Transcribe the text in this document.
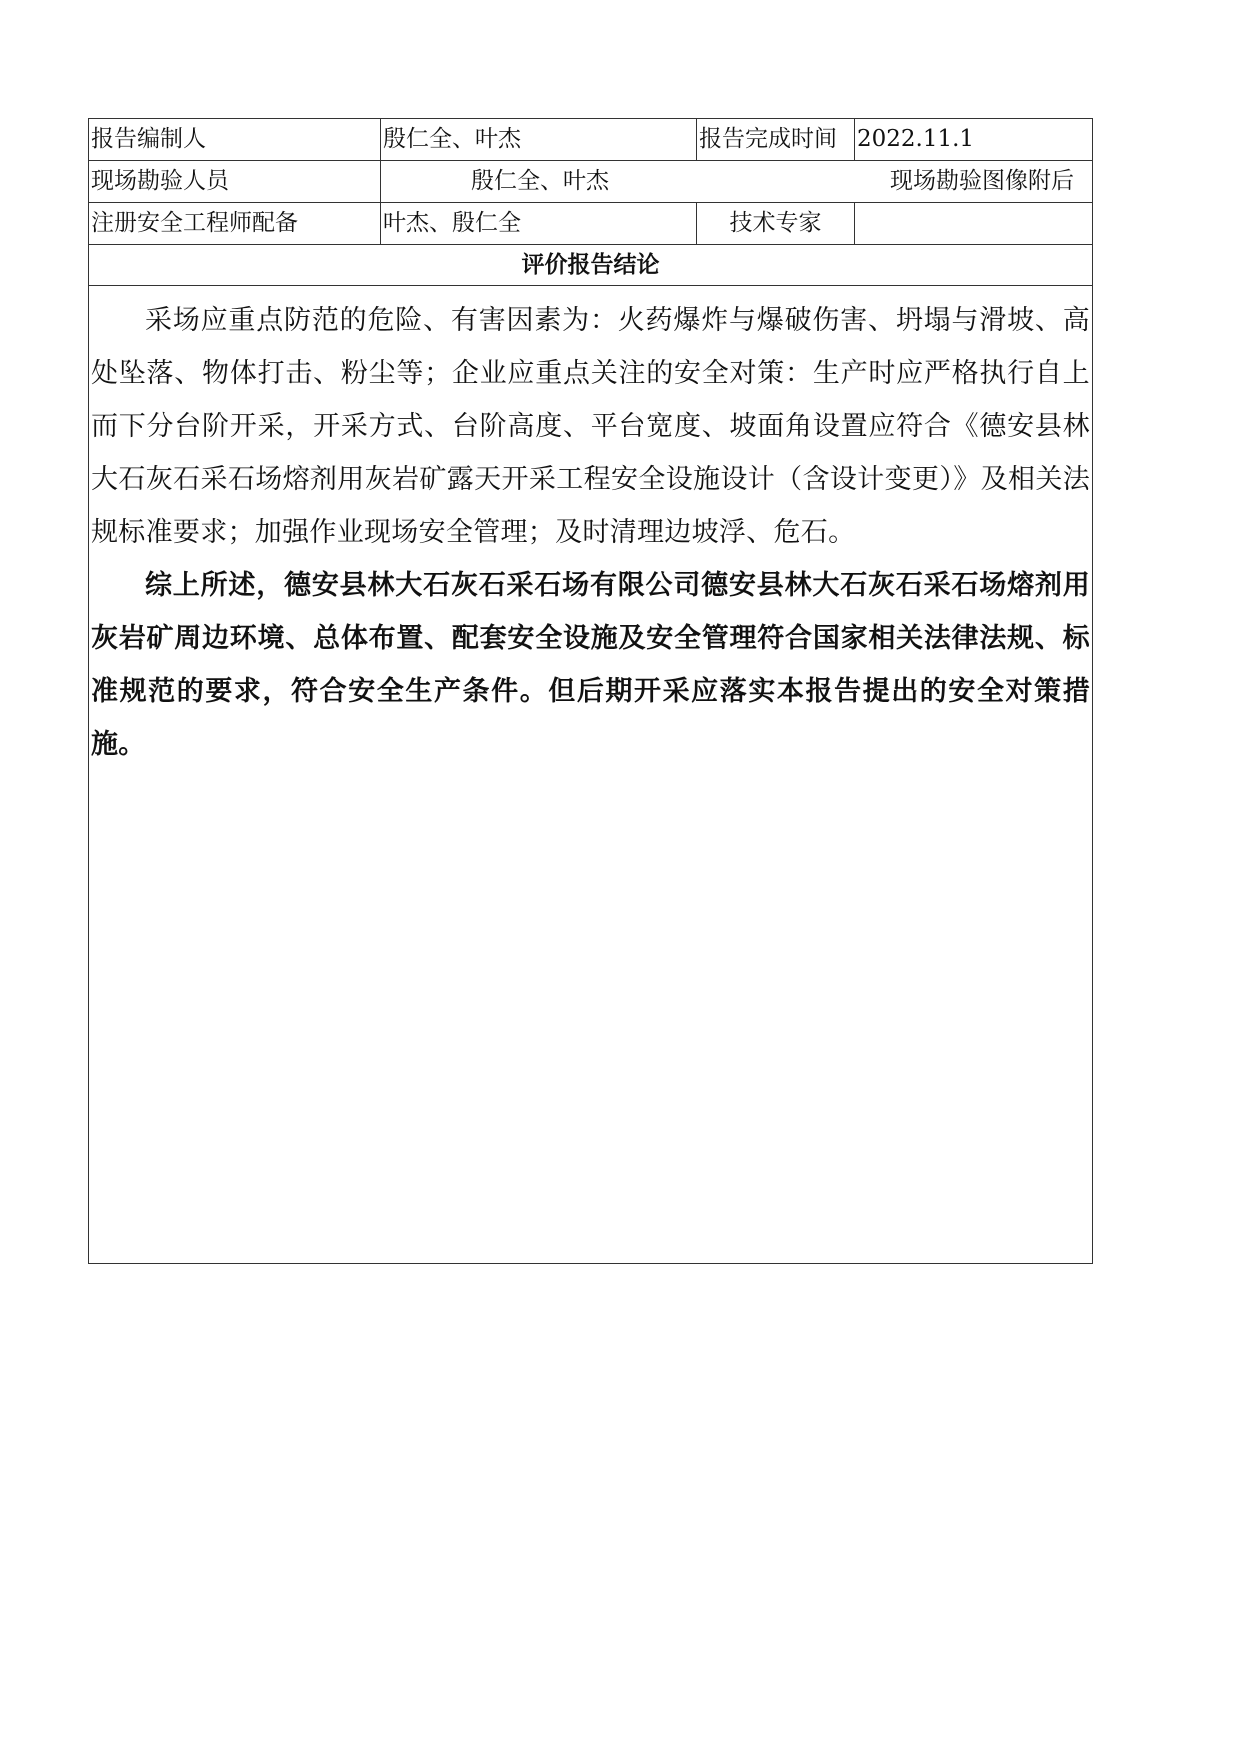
报告编制人	殷仁全、叶杰	报告完成时间	2022.11.1
现场勘验人员	殷仁全、叶杰		现场勘验图像附后
注册安全工程师配备	叶杰、殷仁全	技术专家	
评价报告结论			

采场应重点防范的危险、有害因素为：火药爆炸与爆破伤害、坍塌与滑坡、高处坠落、物体打击、粉尘等；企业应重点关注的安全对策：生产时应严格执行自上而下分台阶开采，开采方式、台阶高度、平台宽度、坡面角设置应符合《德安县林大石灰石采石场熔剂用灰岩矿露天开采工程安全设施设计（含设计变更）》及相关法规标准要求；加强作业现场安全管理；及时清理边坡浮、危石。

综上所述，德安县林大石灰石采石场有限公司德安县林大石灰石采石场熔剂用灰岩矿周边环境、总体布置、配套安全设施及安全管理符合国家相关法律法规、标准规范的要求，符合安全生产条件。但后期开采应落实本报告提出的安全对策措施。			
